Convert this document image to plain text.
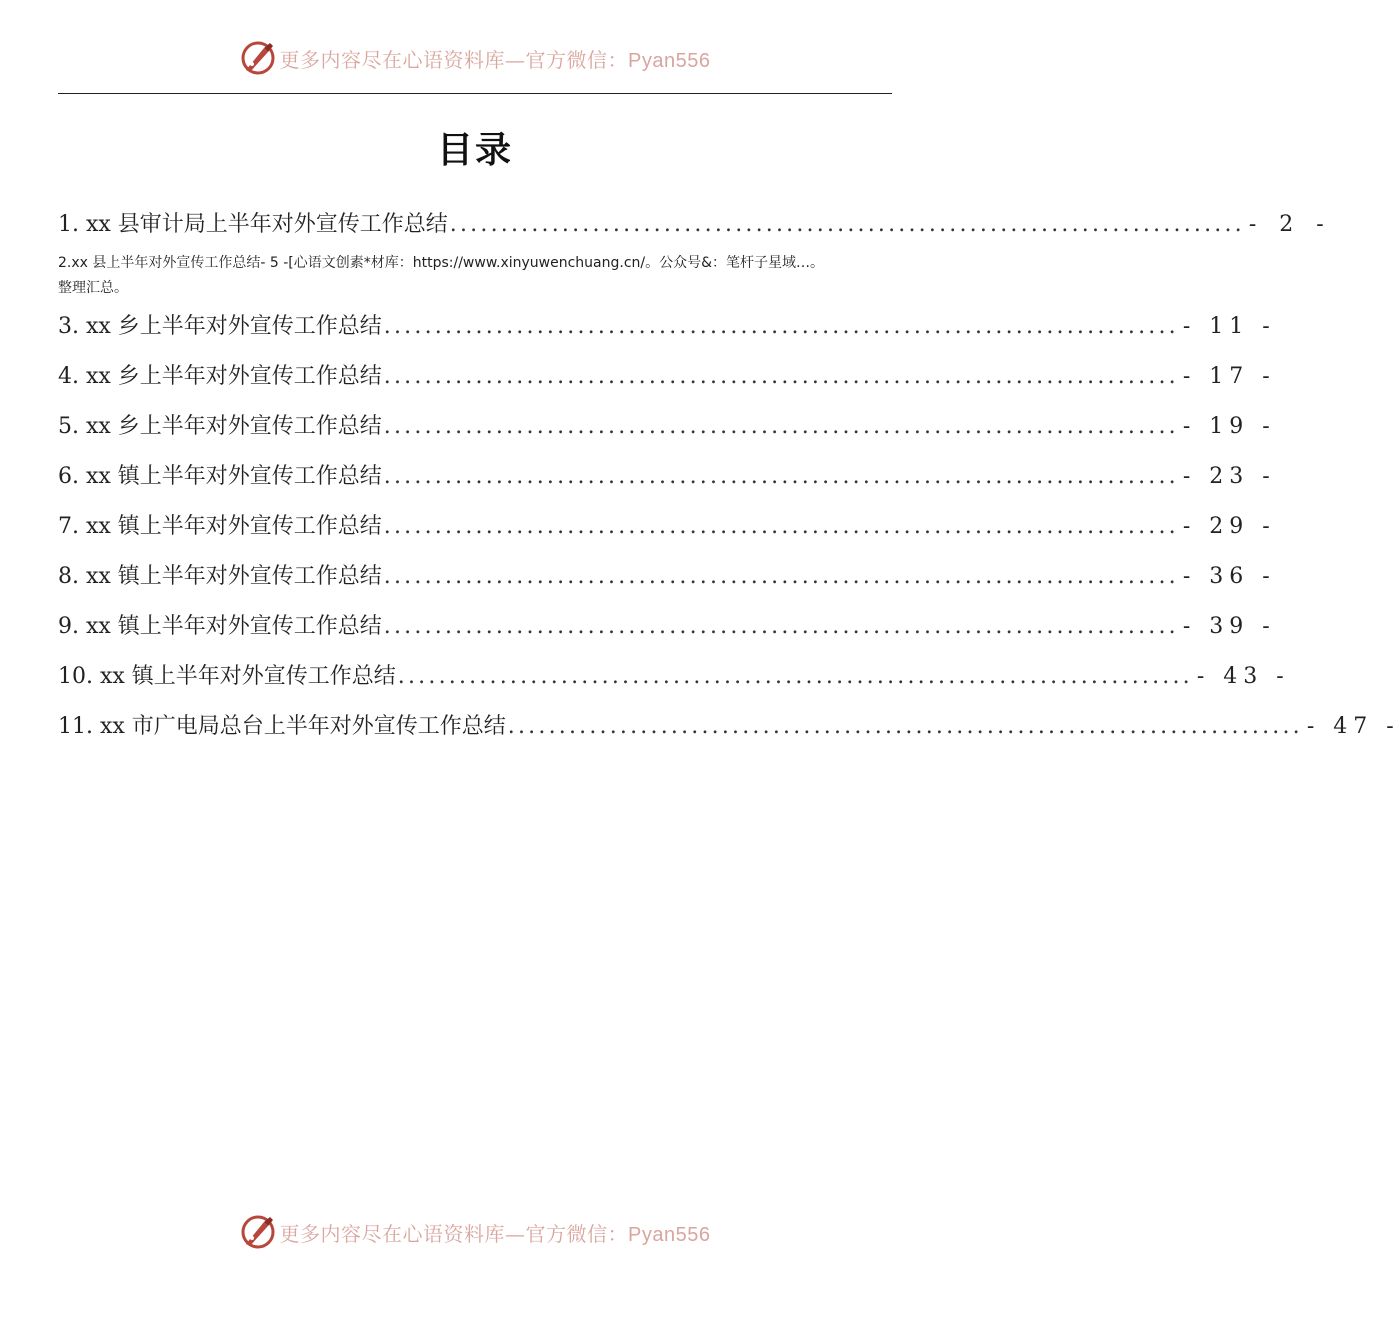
更多内容尽在心语资料库—官方微信：Pyan556
目录
1. xx 县审计局上半年对外宣传工作总结 .............................................................................. - 2 -
2.xx 县上半年对外宣传工作总结- 5 -[心语文创素*材库：https://www.xinyuwenchuang.cn/。公众号&：笔杆子星域…。
整理汇总。
3. xx 乡上半年对外宣传工作总结 .............................................................................. - 11 -
4. xx 乡上半年对外宣传工作总结 .............................................................................. - 17 -
5. xx 乡上半年对外宣传工作总结 .............................................................................. - 19 -
6. xx 镇上半年对外宣传工作总结 .............................................................................. - 23 -
7. xx 镇上半年对外宣传工作总结 .............................................................................. - 29 -
8. xx 镇上半年对外宣传工作总结 .............................................................................. - 36 -
9. xx 镇上半年对外宣传工作总结 .............................................................................. - 39 -
10. xx 镇上半年对外宣传工作总结 .............................................................................. - 43 -
11. xx 市广电局总台上半年对外宣传工作总结 .............................................................................. - 47 -
更多内容尽在心语资料库—官方微信：Pyan556
